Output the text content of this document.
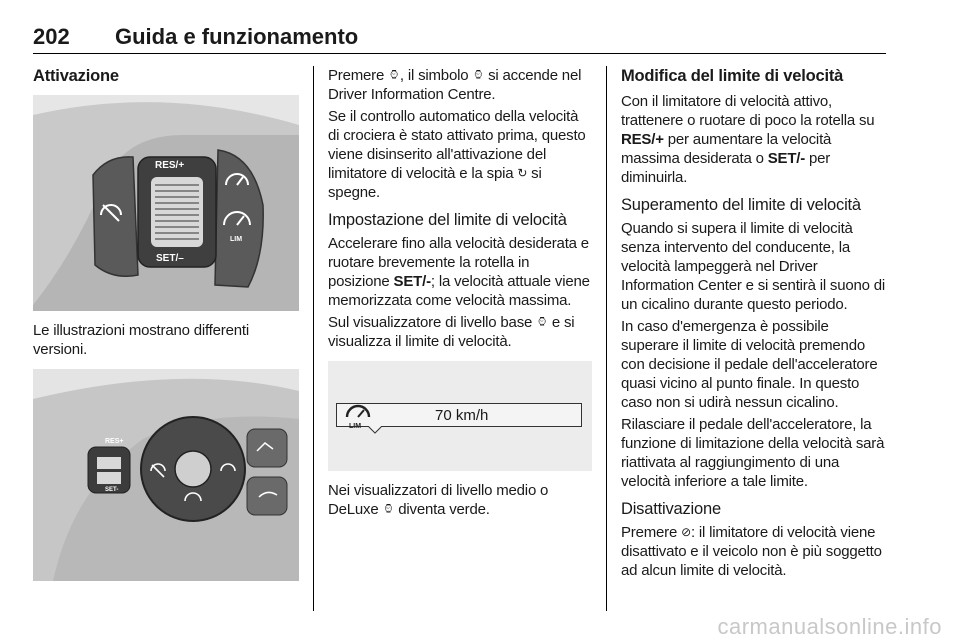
202 Guida e funzionamento
Attivazione
RES/+
SET/–
LIM

Le illustrazioni mostrano differenti versioni.

RES+
SET-

Premere ⌚︎, il simbolo ⌚︎ si accende nel Driver Information Centre.

Se il controllo automatico della velocità di crociera è stato attivato prima, questo viene disinserito all'attivazione del limitatore di velocità e la spia ↻ si spegne.

Impostazione del limite di velocità

Accelerare fino alla velocità desiderata e ruotare brevemente la rotella in posizione SET/-; la velocità attuale viene memorizzata come velocità massima.

Sul visualizzatore di livello base ⌚︎ e si visualizza il limite di velocità.

LIM
70 km/h

Nei visualizzatori di livello medio o DeLuxe ⌚︎ diventa verde.

Modifica del limite di velocità

Con il limitatore di velocità attivo, trattenere o ruotare di poco la rotella su RES/+ per aumentare la velocità massima desiderata o SET/- per diminuirla.

Superamento del limite di velocità

Quando si supera il limite di velocità senza intervento del conducente, la velocità lampeggerà nel Driver Information Center e si sentirà il suono di un cicalino durante questo periodo.

In caso d'emergenza è possibile superare il limite di velocità premendo con decisione il pedale dell'acceleratore quasi vicino al punto finale. In questo caso non si udirà nessun cicalino.

Rilasciare il pedale dell'acceleratore, la funzione di limitazione della velocità sarà riattivata al raggiungimento di una velocità inferiore a tale limite.

Disattivazione

Premere ⊘: il limitatore di velocità viene disattivato e il veicolo non è più soggetto ad alcun limite di velocità.

carmanualsonline.info
